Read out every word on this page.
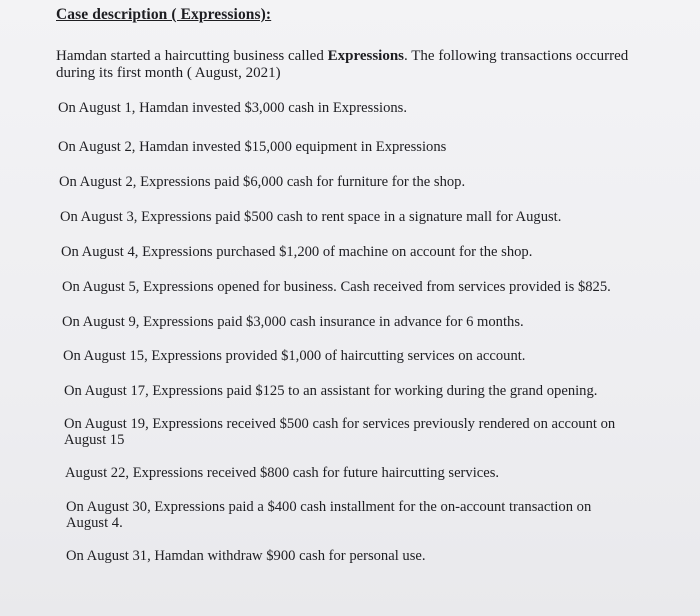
Case description ( Expressions):
Hamdan started a haircutting business called Expressions. The following transactions occurred during its first month ( August, 2021)
On August 1, Hamdan invested $3,000 cash in Expressions.
On August 2, Hamdan invested $15,000 equipment in Expressions
On August 2, Expressions paid $6,000 cash for furniture for the shop.
On August 3, Expressions paid $500 cash to rent space in a signature mall for August.
On August 4, Expressions purchased $1,200 of machine on account for the shop.
On August 5, Expressions opened for business. Cash received from services provided is $825.
On August 9, Expressions paid $3,000 cash insurance in advance for 6 months.
On August 15, Expressions provided $1,000 of haircutting services on account.
On August 17, Expressions paid $125 to an assistant for working during the grand opening.
On August 19, Expressions received $500 cash for services previously rendered on account on August 15
August 22, Expressions received $800 cash for future haircutting services.
On August 30, Expressions paid a $400 cash installment for the on-account transaction on August 4.
On August 31, Hamdan withdraw $900 cash for personal use.
